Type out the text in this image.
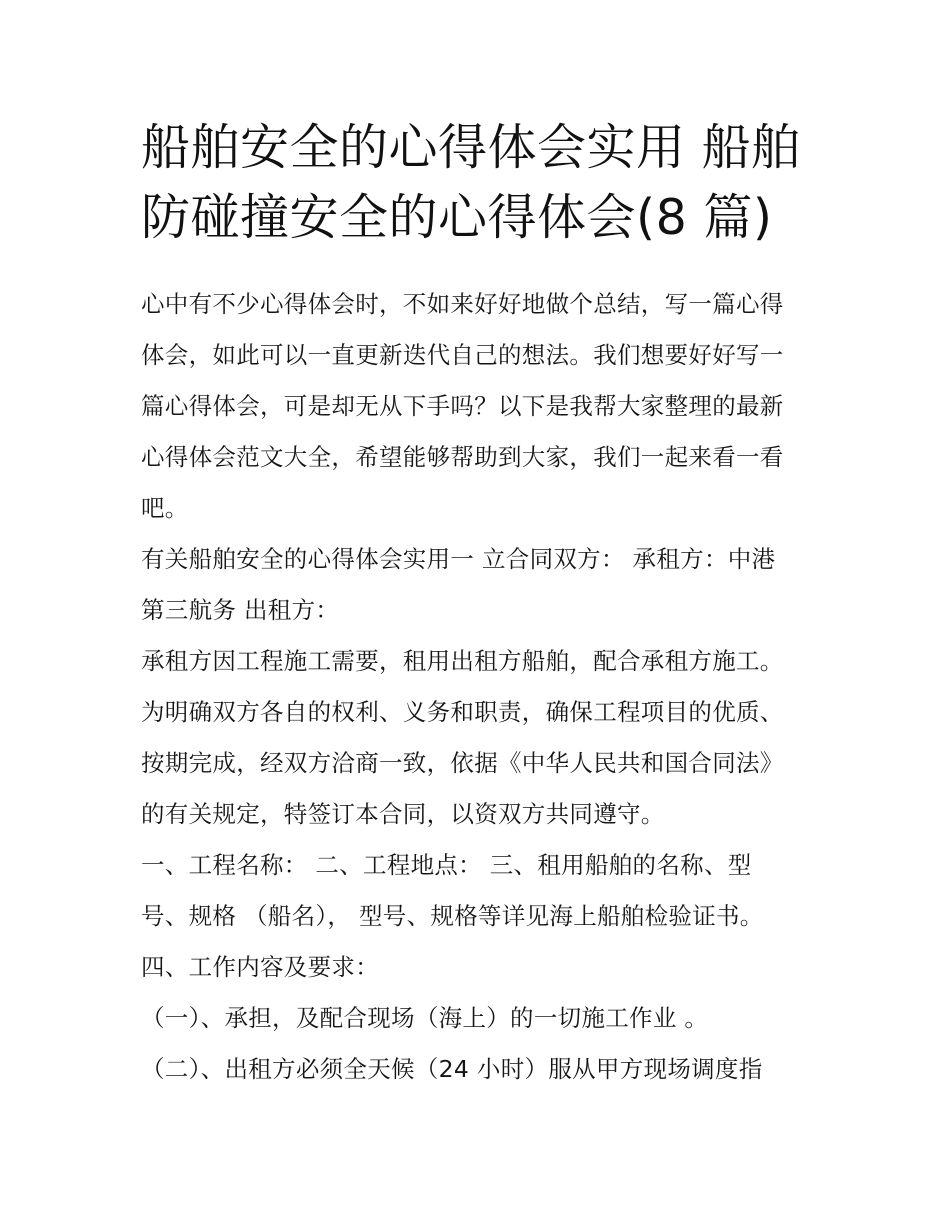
船舶安全的心得体会实用 船舶
防碰撞安全的心得体会(8 篇)
心中有不少心得体会时，不如来好好地做个总结，写一篇心得
体会，如此可以一直更新迭代自己的想法。我们想要好好写一
篇心得体会，可是却无从下手吗？以下是我帮大家整理的最新
心得体会范文大全，希望能够帮助到大家，我们一起来看一看
吧。
有关船舶安全的心得体会实用一 立合同双方： 承租方：中港
第三航务 出租方：
承租方因工程施工需要，租用出租方船舶，配合承租方施工。
为明确双方各自的权利、义务和职责，确保工程项目的优质、
按期完成，经双方洽商一致，依据《中华人民共和国合同法》
的有关规定，特签订本合同，以资双方共同遵守。
一、工程名称： 二、工程地点： 三、租用船舶的名称、型
号、规格 （船名）， 型号、规格等详见海上船舶检验证书。
四、工作内容及要求：
（一）、承担，及配合现场（海上）的一切施工作业 。
（二）、出租方必须全天候（24 小时）服从甲方现场调度指
